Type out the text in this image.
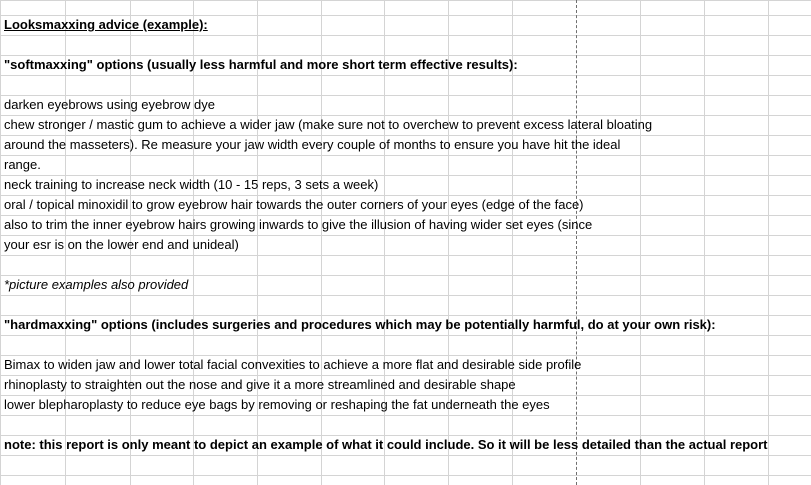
Looksmaxxing advice (example):
"softmaxxing" options (usually less harmful and more short term effective results):
darken eyebrows using eyebrow dye
chew stronger / mastic gum to achieve a wider jaw (make sure not to overchew to prevent excess lateral bloating
around the masseters). Re measure your jaw width every couple of months to ensure you have hit the ideal
range.
neck training to increase neck width (10 - 15 reps, 3 sets a week)
oral / topical minoxidil to grow eyebrow hair towards the outer corners of your eyes (edge of the face)
also to trim the inner eyebrow hairs growing inwards to give the illusion of having wider set eyes (since
your esr is on the lower end and unideal)
*picture examples also provided
"hardmaxxing" options (includes surgeries and procedures which may be potentially harmful, do at your own risk):
Bimax to widen jaw and lower total facial convexities to achieve a more flat and desirable side profile
rhinoplasty to straighten out the nose and give it a more streamlined and desirable shape
lower blepharoplasty to reduce eye bags by removing or reshaping the fat underneath the eyes
note: this report is only meant to depict an example of what it could include. So it will be less detailed than the actual report
